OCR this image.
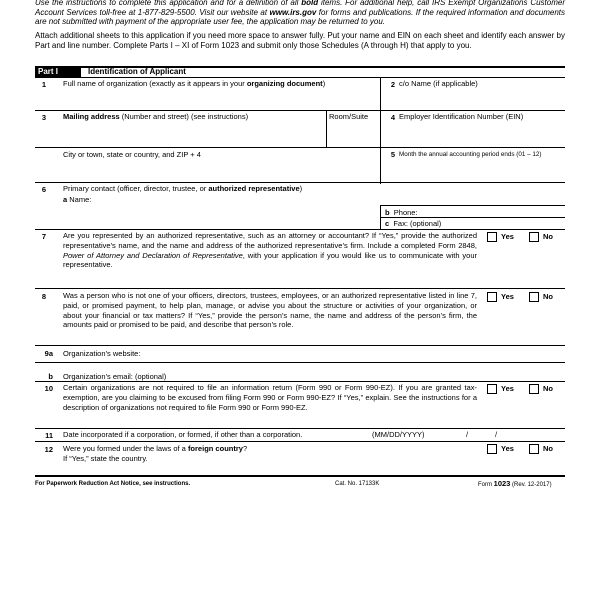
Use the instructions to complete this application and for a definition of all bold items. For additional help, call IRS Exempt Organizations Customer Account Services toll-free at 1-877-829-5500. Visit our website at www.irs.gov for forms and publications. If the required information and documents are not submitted with payment of the appropriate user fee, the application may be returned to you.
Attach additional sheets to this application if you need more space to answer fully. Put your name and EIN on each sheet and identify each answer by Part and line number. Complete Parts I – XI of Form 1023 and submit only those Schedules (A through H) that apply to you.
Part I	Identification of Applicant
1 Full name of organization (exactly as it appears in your organizing document)	2 c/o Name (if applicable)
3 Mailing address (Number and street) (see instructions)	Room/Suite	4 Employer Identification Number (EIN)
City or town, state or country, and ZIP + 4	5 Month the annual accounting period ends (01 – 12)
6 Primary contact (officer, director, trustee, or authorized representative)
a Name:
b Phone:
c Fax: (optional)
7 Are you represented by an authorized representative, such as an attorney or accountant? If “Yes,” provide the authorized representative’s name, and the name and address of the authorized representative’s firm. Include a completed Form 2848, Power of Attorney and Declaration of Representative, with your application if you would like us to communicate with your representative.
Yes	No
8 Was a person who is not one of your officers, directors, trustees, employees, or an authorized representative listed in line 7, paid, or promised payment, to help plan, manage, or advise you about the structure or activities of your organization, or about your financial or tax matters? If “Yes,” provide the person’s name, the name and address of the person’s firm, the amounts paid or promised to be paid, and describe that person’s role.
Yes	No
9a Organization’s website:
b Organization’s email: (optional)
10 Certain organizations are not required to file an information return (Form 990 or Form 990-EZ). If you are granted tax-exemption, are you claiming to be excused from filing Form 990 or Form 990-EZ? If “Yes,” explain. See the instructions for a description of organizations not required to file Form 990 or Form 990-EZ.
Yes	No
11 Date incorporated if a corporation, or formed, if other than a corporation.	(MM/DD/YYYY)	/	/
12 Were you formed under the laws of a foreign country?
If “Yes,” state the country.
Yes	No
For Paperwork Reduction Act Notice, see instructions.	Cat. No. 17133K	Form 1023 (Rev. 12-2017)
